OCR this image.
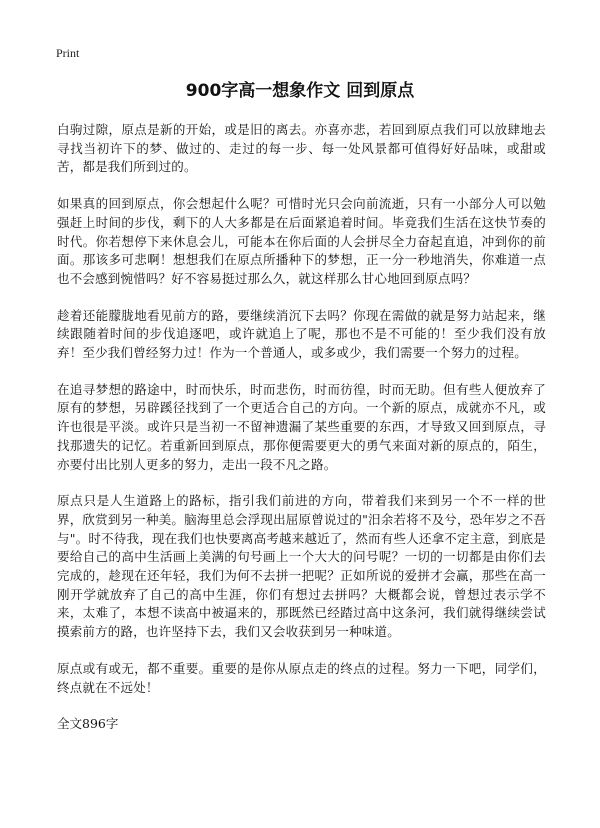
Print
900字高一想象作文 回到原点

白驹过隙，原点是新的开始，或是旧的离去。亦喜亦悲，若回到原点我们可以放肆地去寻找当初许下的梦、做过的、走过的每一步、每一处风景都可值得好好品味，或甜或苦，都是我们所到过的。

如果真的回到原点，你会想起什么呢？可惜时光只会向前流逝，只有一小部分人可以勉强赶上时间的步伐，剩下的人大多都是在后面紧追着时间。毕竟我们生活在这快节奏的时代。你若想停下来休息会儿，可能本在你后面的人会拼尽全力奋起直追，冲到你的前面。那该多可悲啊！想想我们在原点所播种下的梦想，正一分一秒地消失，你难道一点也不会感到惋惜吗？好不容易挺过那么久，就这样那么甘心地回到原点吗？

趁着还能朦胧地看见前方的路，要继续消沉下去吗？你现在需做的就是努力站起来，继续跟随着时间的步伐追逐吧，或许就追上了呢，那也不是不可能的！至少我们没有放弃！至少我们曾经努力过！作为一个普通人，或多或少，我们需要一个努力的过程。

在追寻梦想的路途中，时而快乐，时而悲伤，时而彷徨，时而无助。但有些人便放弃了原有的梦想，另辟蹊径找到了一个更适合自己的方向。一个新的原点，成就亦不凡，或许也很是平淡。或许只是当初一不留神遗漏了某些重要的东西，才导致又回到原点，寻找那遗失的记忆。若重新回到原点，那你便需要更大的勇气来面对新的原点的，陌生，亦要付出比别人更多的努力，走出一段不凡之路。

原点只是人生道路上的路标，指引我们前进的方向，带着我们来到另一个不一样的世界，欣赏到另一种美。脑海里总会浮现出屈原曾说过的"汨余若将不及兮，恐年岁之不吾与"。时不待我，现在我们也快要离高考越来越近了，然而有些人还拿不定主意，到底是要给自己的高中生活画上美满的句号画上一个大大的问号呢？一切的一切都是由你们去完成的，趁现在还年轻，我们为何不去拼一把呢？正如所说的爱拼才会赢，那些在高一刚开学就放弃了自己的高中生涯，你们有想过去拼吗？大概都会说，曾想过表示学不来，太难了，本想不读高中被逼来的，那既然已经踏过高中这条河，我们就得继续尝试摸索前方的路，也许坚持下去，我们又会收获到另一种味道。

原点或有或无，都不重要。重要的是你从原点走的终点的过程。努力一下吧，同学们，终点就在不远处！

全文896字
